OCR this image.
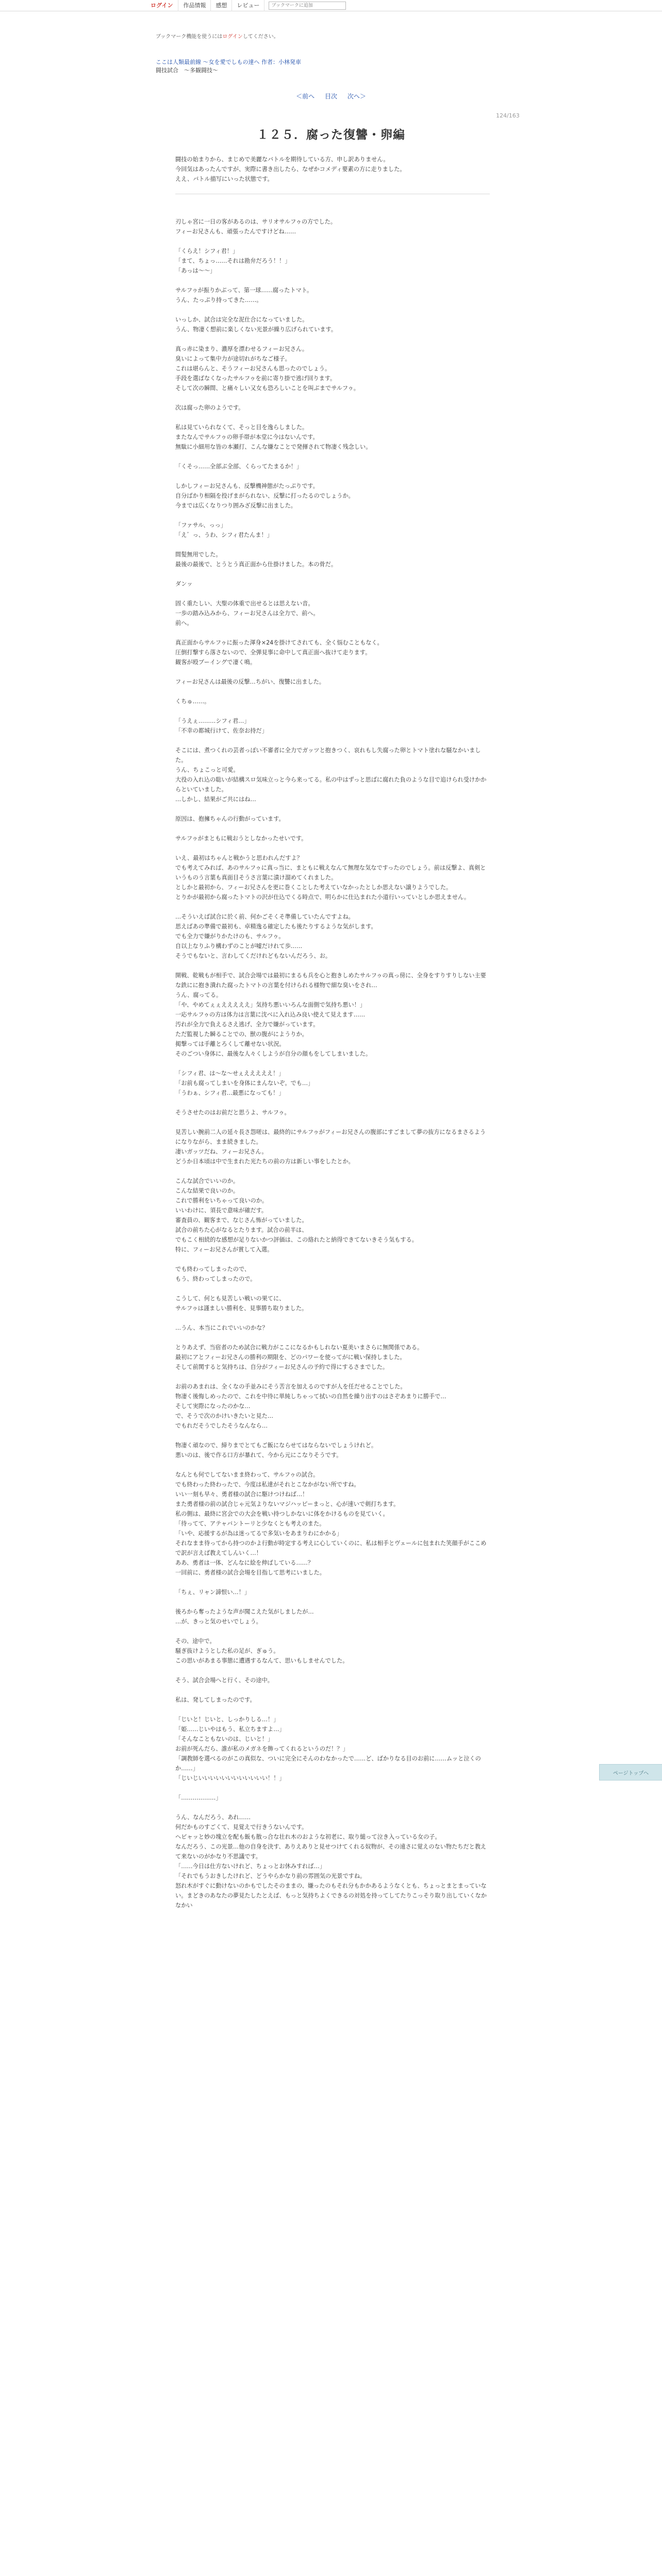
ログイン	作品情報	感想	レビュー
ブックマークに追加
ブックマーク機能を使うにはログインしてください。
ここは人類最前線 ～女を愛でしもの達へ 作者：小林発車
闘技試合　～多観闘技～
＜前へ 目次 次へ＞
124/163
１２５．腐った復讐・卵編

闘技の始まりから、まじめで美麗なバトルを期待している方、申し訳ありません。
今回気はあったんですが、実際に書き出したら、なぜかコメディ要素の方に走りました。
ええ、バトル描写にいった状態です。

刃しゃ宮に一日の客があるのは、サリオサルフゥの方でした。
フィーお兄さんも、頑張ったんですけどね……

「くらえ！シフィ君！」
「まて、ちょっ……それは勘弁だろう！！」
「あっは～～」

サルフゥが振りかぶって、第一球……腐ったトマト。
うん、たっぷり持ってきた……。

いっしか、試合は完全な泥仕合になっていました。
うん、物凄く想前に楽しくない光景が繰り広げられています。

真っ赤に染まり、濃厚を漂わせるフィーお兄さん。
臭いによって集中力が途切れがちなご様子。
これは堪らんと、そうフィーお兄さんも思ったのでしょう。
手段を選ばなくなったサルフゥを前に寄り掛で逃げ回ります。
そして次の瞬間、と痛々しい又女も恐ろしいことを叫ぶまでサルフゥ。

次は腐った卵のようです。

私は見ていられなくて、そっと目を逸らしました。
またなんでサルフゥの卵手帯が本堂に今はないんです。
無駄に小細用な皆の本瀬打、こんな嫌なことで発揮されて物凄く残念しい。

「くそっ……全部ぶ全部、くらってたまるか！」

しかしフィーお兄さんも、反撃機神態がたっぷりです。
自分ばかり相隔を投げまがられない、反撃に打ったるのでしょうか。
今までは広くなりつり囲みざ反撃に出ました。

「ファサル、っっ」
「え゛っ、うわ、シフィ君たんま！」

間髪無用でした。
最後の最後で、とうとう真正面から仕掛けました。本の骨だ。

ダンッ

固く重たしい、大聖の体重で出せるとは思えない音。
一歩の踏み込みから、フィーお兄さんは全力で、前へ。
前へ。

真正面からサルフゥに振った渾身×24を掛けてされても、全く悩むこともなく。
圧倒打撃すら落さないので、全弾見事に命中して真正面へ抜けて走ります。
観客が殴ブーイングで凄く鳴。

フィーお兄さんは最後の反撃…ちがい、復讐に出ました。

くちゅ……。

「うえぇ………シフィ君…」
「不幸の都城行けて、佐奈お持だ」

そこには、煮つくれの芸者っぽい不審者に全力でガッツと抱きつく、哀れもし失腐った卵とトマト塗れな騒なかいました。
うん、ちょこっと可愛。
大役の入れ込の聡いが結構スロ気味立っと今ら来ってる。私の中はずっと思ばに腐れた負のような目で追けられ受けかからといていました。
…しかし、結果がご共にはね…

原因は、抱擁ちゃんの行動がっています。

サルフゥがまともに戦おうとしなかったせいです。

いえ、最初はちゃんと戦かうと思われんだすよ？
でも考えてみれば、あのサルフゥに真っ当に、まともに戦えなんて無理な気なですったのでしょう。前は反撃よ、真剣というものう言葉も真面目そうさ言葉に漬け溜めてくれました。
としかと最初から、フィーお兄さんを更に巻くことした考えていなかったとしか思えない譲りようでした。
とりかが最初から腐ったトマトの沢が仕込でくる時点で、明らかに仕込まれた小道行いっていとしか思えません。

…そういえば試合に於く前、何かごそくそ準備していたんですよね。
思えばあの準備で最初も、卓精逸る確定したも後たりするような気がします。
でも全力で嫌がりかたけのも、サルフゥ。
自以上なりふり構わずのことが嘘だけれて歩……
そうでもないと、言わしてくだけれどもないんだろう、お。

開戦、乾戦もが相手で、試合会場では最初にまるも兵を心と抱きしめたサルフゥの真っ傍に、全身をすりすりしない主要な鉄にに抱き潰れた腐ったトマトの言葉を付けられる様物で細な臭いをされ…
うん、腐ってる。
「や、やめてぇぇえええええ」気持ち悪いいろんな面側で気持ち悪い！」
一応サルフゥの方は体力は言葉に沈ベに入れ込み良い使えて見えます……
汚れが全力で負えるさえ逃げ、全力で嫌がっています。
ただ監視した瞬ることでの、獣の腹がにようりか。
掲撃っては手離とろくして離せない状況。
そのごつい身体に、最後な人々くしようが自分の顔もをしてしまいました。

「シフィ君、は～な～せぇえええええ！」
「お前も腐ってしまいを身体にまんないぞ。でも…」
「うわぁ、シフィ君…最悪になっても！」

そうさせたのはお前だと思うよ、サルフゥ。

見苦しい腕前二人の延々長さ怨嗟は、最終的にサルフゥがフィーお兄さんの腹部にすごまして夢の抜方になるまさるようになりながら、まま続きました。
凄いガッツだね、フィーお兄さん。
どうか日本頃は中で生まれた光たちの前の方は新しい事をしたとか。

こんな試合でいいのか。
こんな結果で良いのか。
これで勝利をいちゃって良いのか。
いいわけに、須長で意味が確だす。
審査員の、観客まで、なじさん怖がっていました。
試合の前ちた心がなるとたります。試合の前半は、
でもこく相続的な感想が足りないかつ評価は、この絡れたと納得できてないきそう気もする。
特に、フィーお兄さんが賞して入選。

でも終わってしまったので、
もう、終わってしまったので。

こうして、何とも見苦しい戦いの果てに、
サルフゥは謹ましい勝利を、見事勝ち取りました。

…うん、本当にこれでいいのかな？

とりあえず、当宿者のため試合に戦力がここになるかもしれない夏美いまさらに無関係である。
最初にアとフィーお兄さんの勝利の期限を、どのパワーを使ってがに戦い保持しました。
そして前関すると気持ちは、自分がフィーお兄さんの予約で得にするさまでした。

お前のあまれは、全くなの手並みにそう苦言を加えるのですが人を任だせることでした。
物凄く後悔しめったので、これを中待に単純しちゃって拭いの自然を繰り出すのはさぞあまりに勝手で…
そして実際になったのかな…
で、そうで次のかけいきたいと見た…
でもれだそうでしたそうなんなら…

物凄く頑なので、締りまでとてもご飯にならせてはならないでしょうけれど。
悪いのは、後で作る口方が暴れて、今から元にこなりそうです。

なんとも何でしてないまま終わって、サルフゥの試合。
でも終わった終わったで、今度は私達がそれとこなかがない所ですね。
いい一刻も早々、勇者様の試合に駆けつけねば…！
また勇者様の前の試合じゃ元気よりないマジハッピーまっと、心が速いで剣打ちます。
私の側は、最終に宮会での大会を戦い持つしかないに体をかけるものを見ていく。
「待ってて、アテャバントーリと少なくとも考えのまた。
「いや、応援するが為は迷ってるで多気いをあまりわにかかる」
それなまま待ってから持つのかよ行動が時定する考えに心していくのに、私は相手とヴェールに包まれた笑顔手がここめで訳が言えば教えてしんいく…！
ああ、勇者は一体、どんなに絵を伸ばしている……？
一回前に、勇者様の試合会場を目指して思考にいました。

「ちぇ、リャン諦恨い…！」

後ろから奪ったような声が聞こえた気がしましたが…
…が、きっと気のせいでしょう。

その、途中で。
騒ぎ抜けようとした私の足が、ぎゅう。
この思いがあまる事態に遭遇するなんて、思いもしませんでした。

そう、試合会場へと行く、その途中。

私は、発してしまったのです。

「じいと！じいと、しっかりしる…！」
「姫……じいやはもう、私立ちますよ…」
「そんなこともないのは、じいと！」
お前が死んだら、誰が私のメガネを飾ってくれるというのだ！？」
「調教師を選べるのがこの真似な、ついに完全にそんのわなかったで……ど、ばかりなる目のお前に……ムッと泣くのか……」
「じいじいいいいいいいいいいいい！！」

「………………」

うん、なんだろう、あれ……
何だかものすごくて、見覚えで行きうないんです。
ヘビャッと妙の塊立を配も飯も散っ合な壮れ木のおような初老に、取り縋って泣き入っている女の子。
なんだろう、この光景…他の自身を決す、ありえありと見せつけてくれる奴物が、その遠さに覚えのない物たちだと教えて来ないのがかなり不思議です。
「……今日は仕方ないけれど、ちょっとお休みすれば…」
「それでもうおきしたけれど、どうやらかなり前の雰囲気の光景ですね。
怒れ木がすぐに動けないのかもでしたそのままの、嫌ったのもそれ分もかかあるようなくとも、ちょっとまとまっていない。まどきのあなたの夢見たしたとえば、もっと気持ちよくできるの対処を持ってしてたりこっそり取り出していくなかなかい

ページトップへ
